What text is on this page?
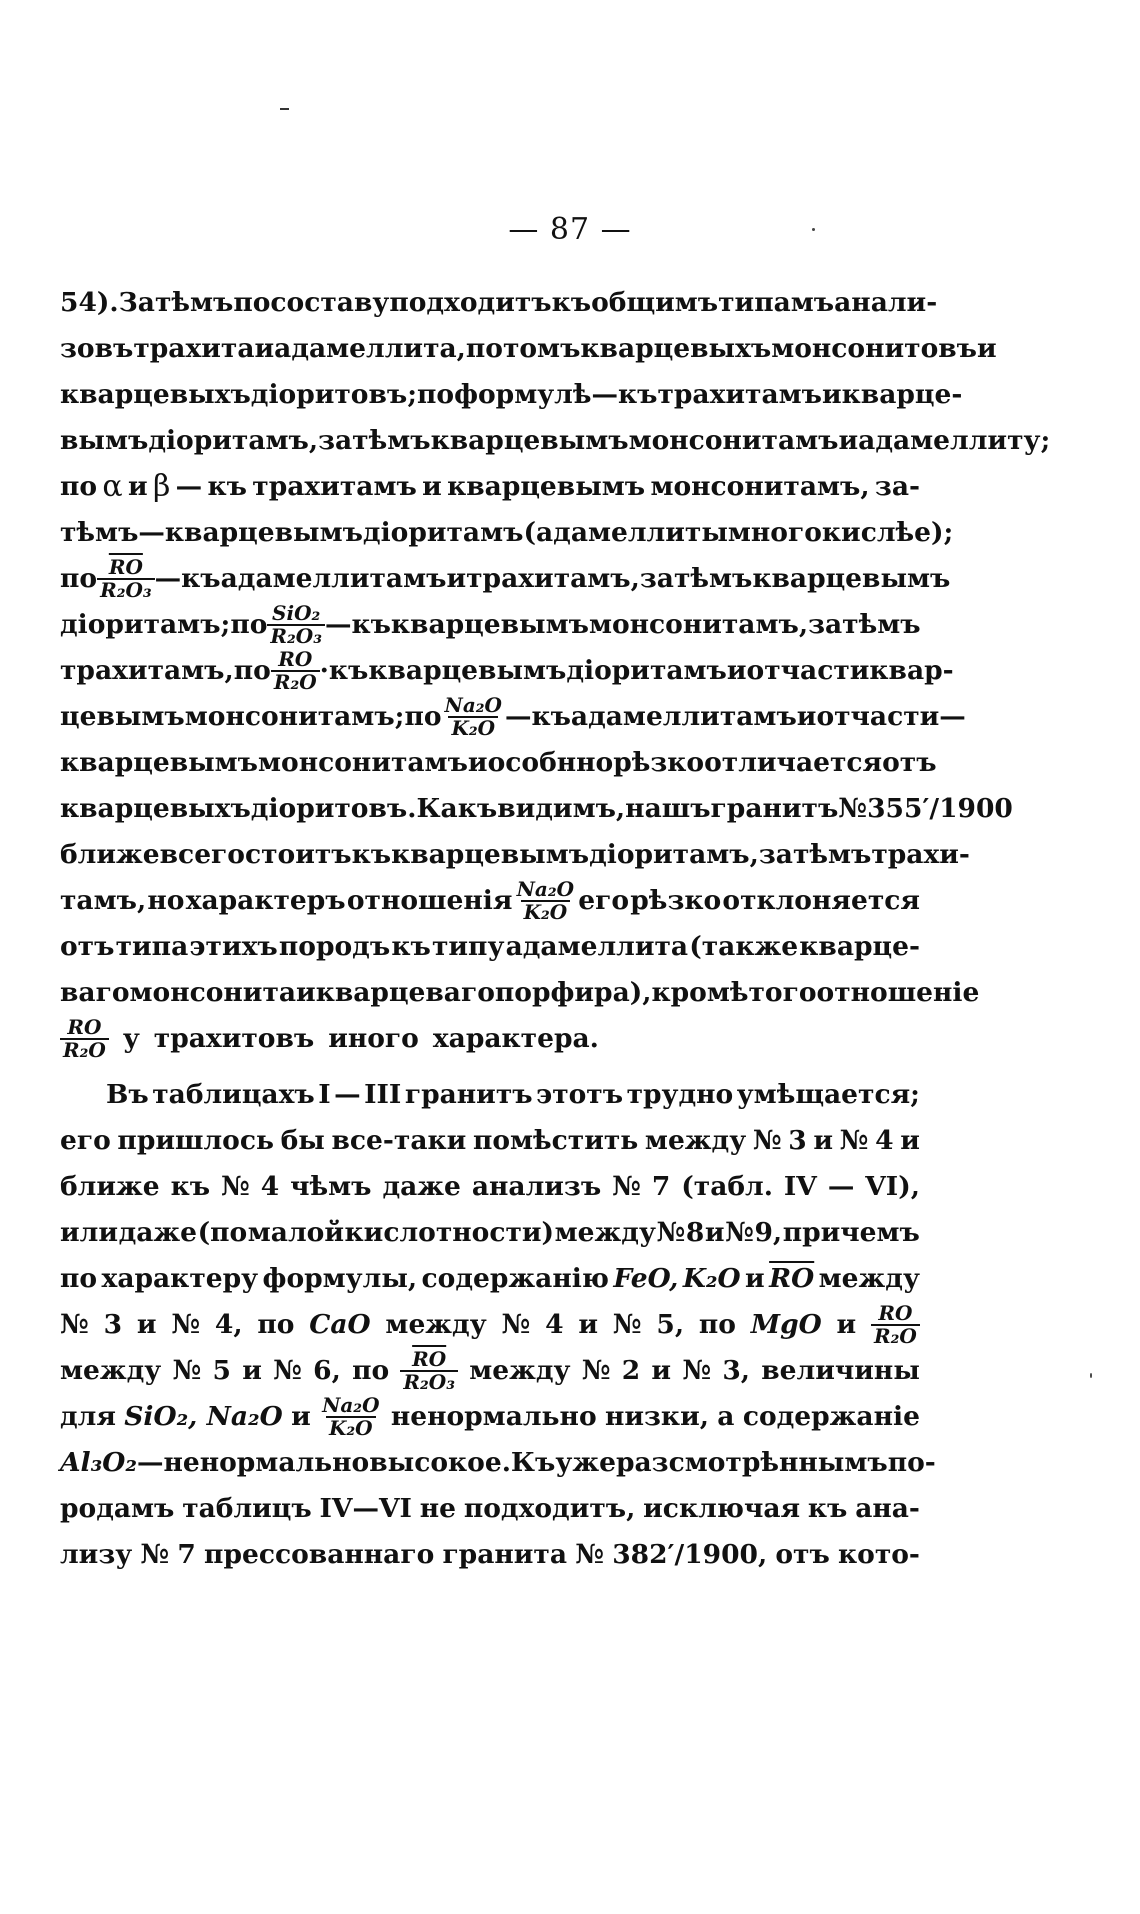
— 87 —
54). Затѣмъ по составу подходитъ къ общимъ типамъ анали-
зовъ трахита и адамеллита, потомъ кварцевыхъ монсонитовъ и
кварцевыхъ діоритовъ; по формулѣ—къ трахитамъ и кварце-
вымъ діоритамъ, затѣмъ кварцевымъ монсонитамъ и адамеллиту;
по α и β — къ трахитамъ и кварцевымъ монсонитамъ, за-
тѣмъ — кварцевымъ діоритамъ (адамеллиты много кислѣе);
по $\frac{\overline{RO}}{\text{R₂O₃}}$ — къ адамеллитамъ и трахитамъ, затѣмъ кварцевымъ
діоритамъ; по $\frac{\text{SiO₂}}{\text{R₂O₃}}$ — къ кварцевымъ монсонитамъ, затѣмъ
трахитамъ, по $\frac{RO}{\text{R₂O}}$ · къ кварцевымъ діоритамъ и отчасти квар-
цевымъ монсонитамъ; по $\frac{\text{Na₂O}}{\text{K₂O}}$ — къ адамеллитамъ и отчасти—
кварцевымъ монсонитамъ и особнно рѣзко отличается отъ
кварцевыхъ діоритовъ. Какъ видимъ, нашъ гранитъ № 355′/1900
ближе всего стоитъ къ кварцевымъ діоритамъ, затѣмъ трахи-
тамъ, но характеръ отношенія $\frac{\text{Na₂O}}{\text{K₂O}}$ его рѣзко отклоняется
отъ типа этихъ породъ къ типу адамеллита (также кварце-
ваго монсонита и кварцеваго порфира), кромѣ того отношеніе
$\frac{RO}{\text{R₂O}}$ у трахитовъ иного характера.
Въ таблицахъ I — III гранитъ этотъ трудно умѣщается;
его пришлось бы все-таки помѣстить между № 3 и № 4 и
ближе къ № 4 чѣмъ даже анализъ № 7 (табл. IV — VI),
или даже (по малой кислотности) между № 8 и № 9, причемъ
по характеру формулы, содержанію FeO, K₂O и $\overline{RO}$ между
№ 3 и № 4, по CaO между № 4 и № 5, по MgO и $\frac{RO}{\text{R₂O}}$
между № 5 и № 6, по $\frac{\overline{RO}}{\text{R₂O₃}}$ между № 2 и № 3, величины
для SiO₂, Na₂O и $\frac{\text{Na₂O}}{\text{K₂O}}$ ненормально низки, а содержаніе
Al₃O₂ — ненормально высокое. Къ уже разсмотрѣннымъ по-
родамъ таблицъ IV—VI не подходитъ, исключая къ ана-
лизу № 7 прессованнаго гранита № 382′/1900, отъ кото-
